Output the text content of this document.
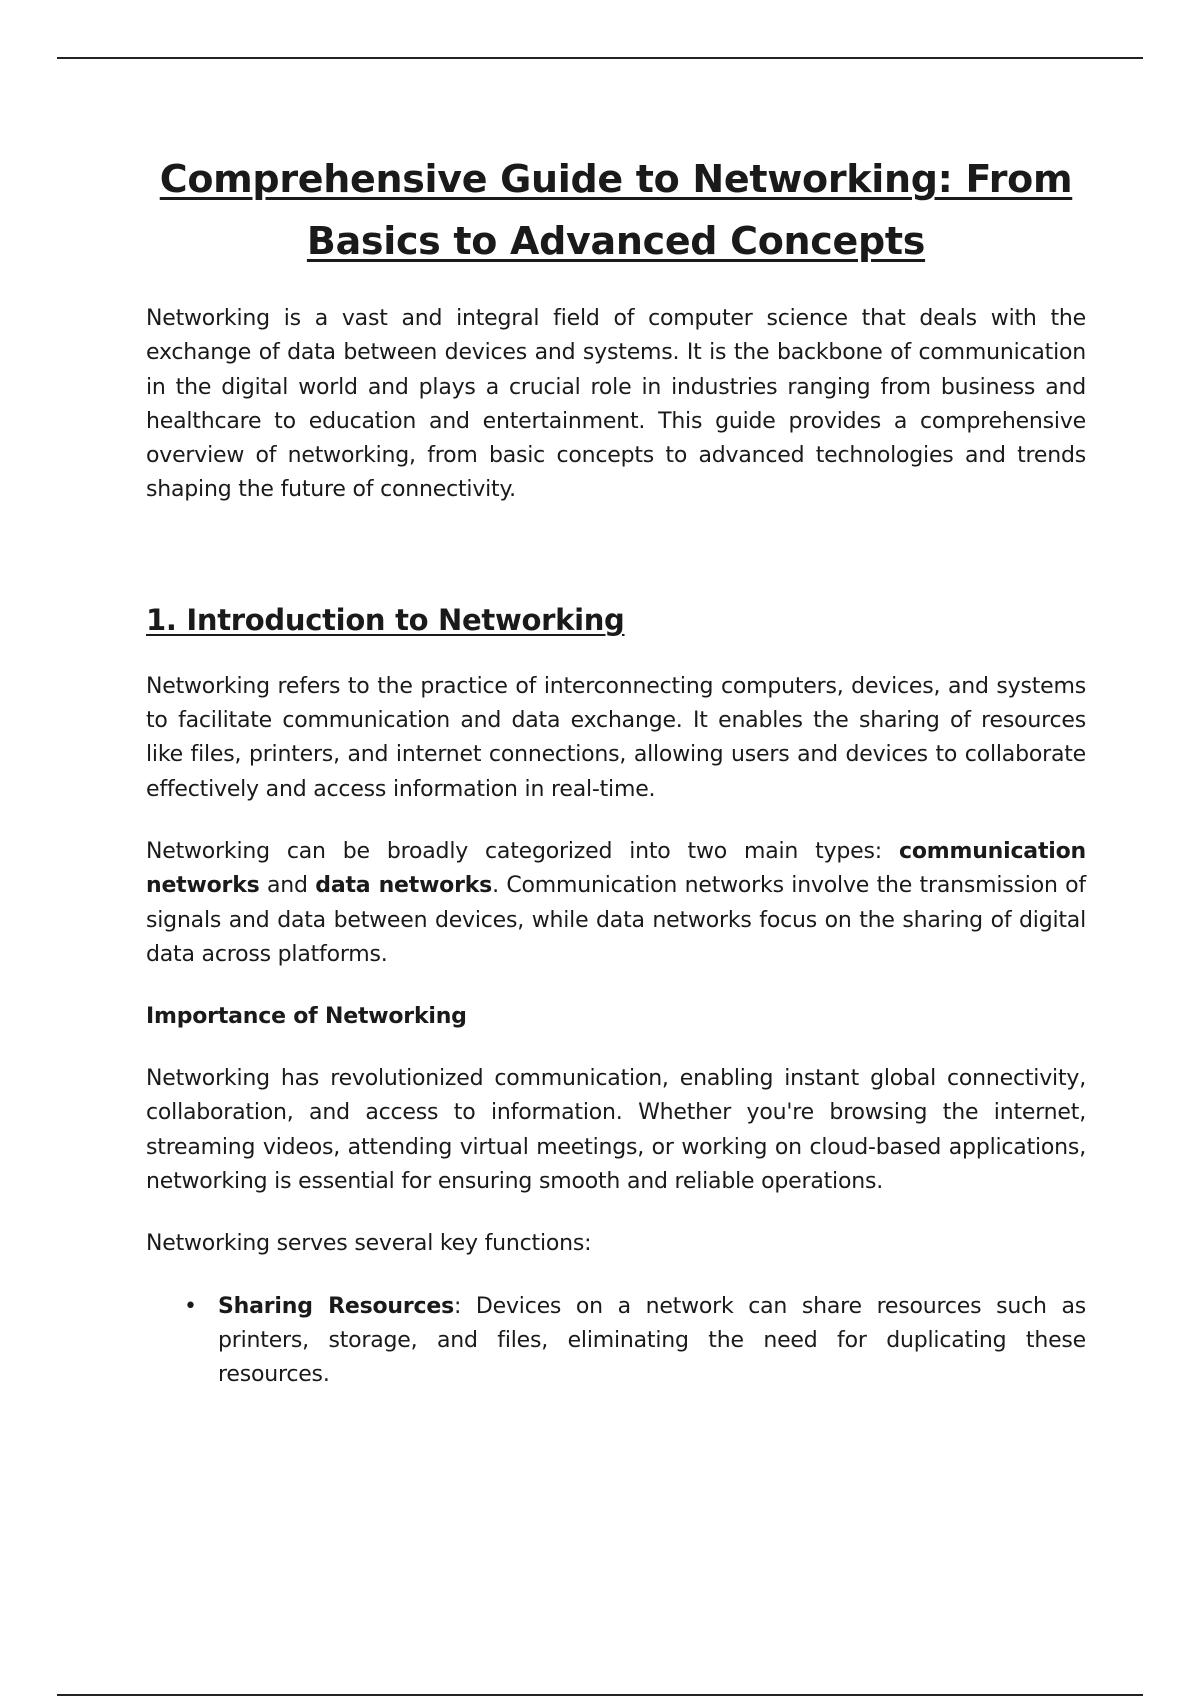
Comprehensive Guide to Networking: From Basics to Advanced Concepts

Networking is a vast and integral field of computer science that deals with the exchange of data between devices and systems. It is the backbone of communication in the digital world and plays a crucial role in industries ranging from business and healthcare to education and entertainment. This guide provides a comprehensive overview of networking, from basic concepts to advanced technologies and trends shaping the future of connectivity.

1. Introduction to Networking

Networking refers to the practice of interconnecting computers, devices, and systems to facilitate communication and data exchange. It enables the sharing of resources like files, printers, and internet connections, allowing users and devices to collaborate effectively and access information in real-time.

Networking can be broadly categorized into two main types: communication networks and data networks. Communication networks involve the transmission of signals and data between devices, while data networks focus on the sharing of digital data across platforms.

Importance of Networking

Networking has revolutionized communication, enabling instant global connectivity, collaboration, and access to information. Whether you're browsing the internet, streaming videos, attending virtual meetings, or working on cloud-based applications, networking is essential for ensuring smooth and reliable operations.

Networking serves several key functions:

• Sharing Resources: Devices on a network can share resources such as printers, storage, and files, eliminating the need for duplicating these resources.
